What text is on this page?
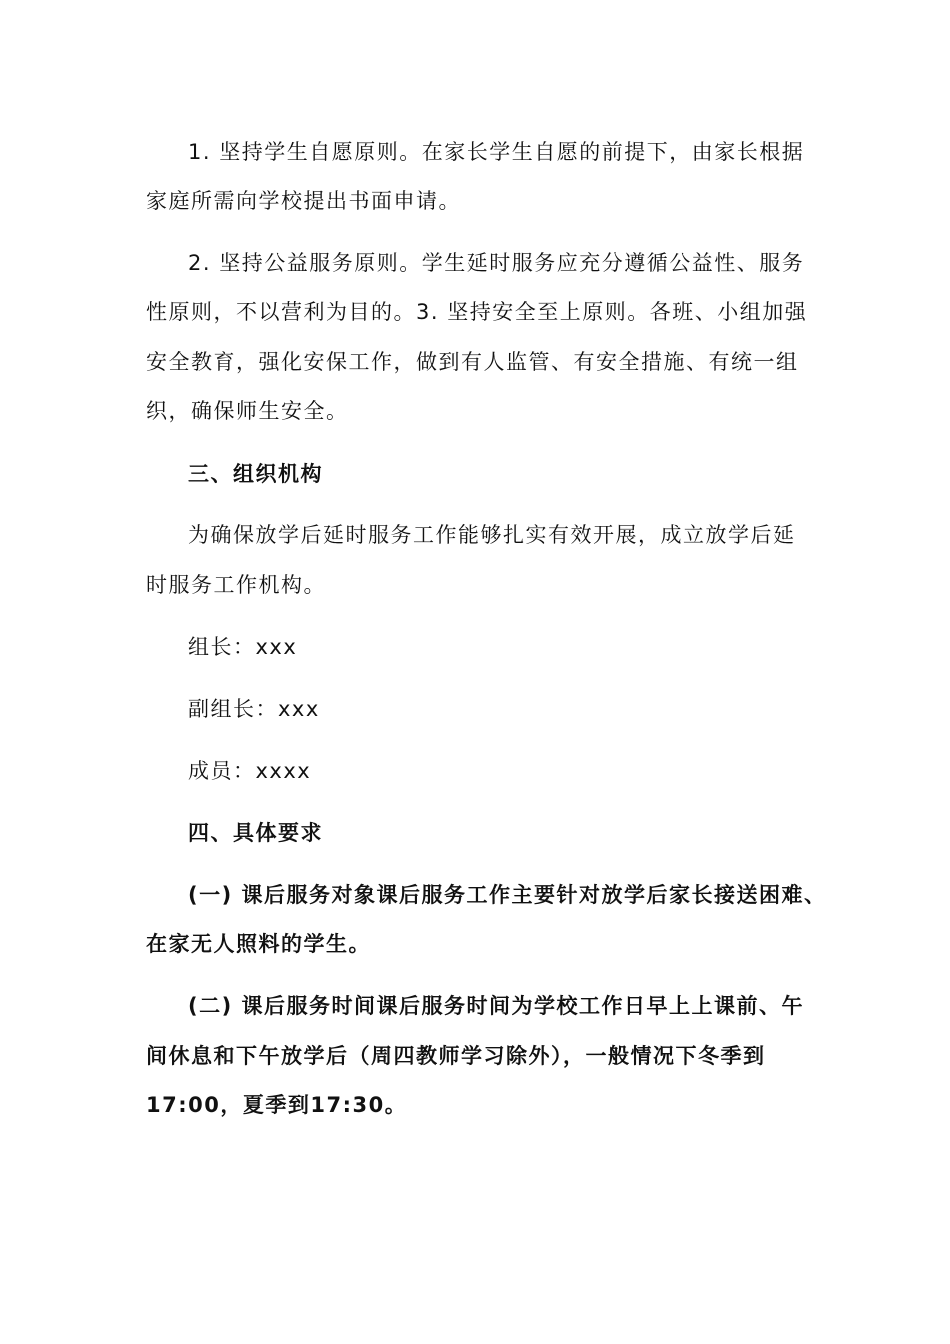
1. 坚持学生自愿原则。在家长学生自愿的前提下，由家长根据
家庭所需向学校提出书面申请。
2. 坚持公益服务原则。学生延时服务应充分遵循公益性、服务
性原则，不以营利为目的。3. 坚持安全至上原则。各班、小组加强
安全教育，强化安保工作，做到有人监管、有安全措施、有统一组
织，确保师生安全。
三、组织机构
为确保放学后延时服务工作能够扎实有效开展，成立放学后延
时服务工作机构。
组长：xxx
副组长：xxx
成员：xxxx
四、具体要求
(一) 课后服务对象课后服务工作主要针对放学后家长接送困难、
在家无人照料的学生。
(二) 课后服务时间课后服务时间为学校工作日早上上课前、午
间休息和下午放学后（周四教师学习除外），一般情况下冬季到
17:00，夏季到17:30。
